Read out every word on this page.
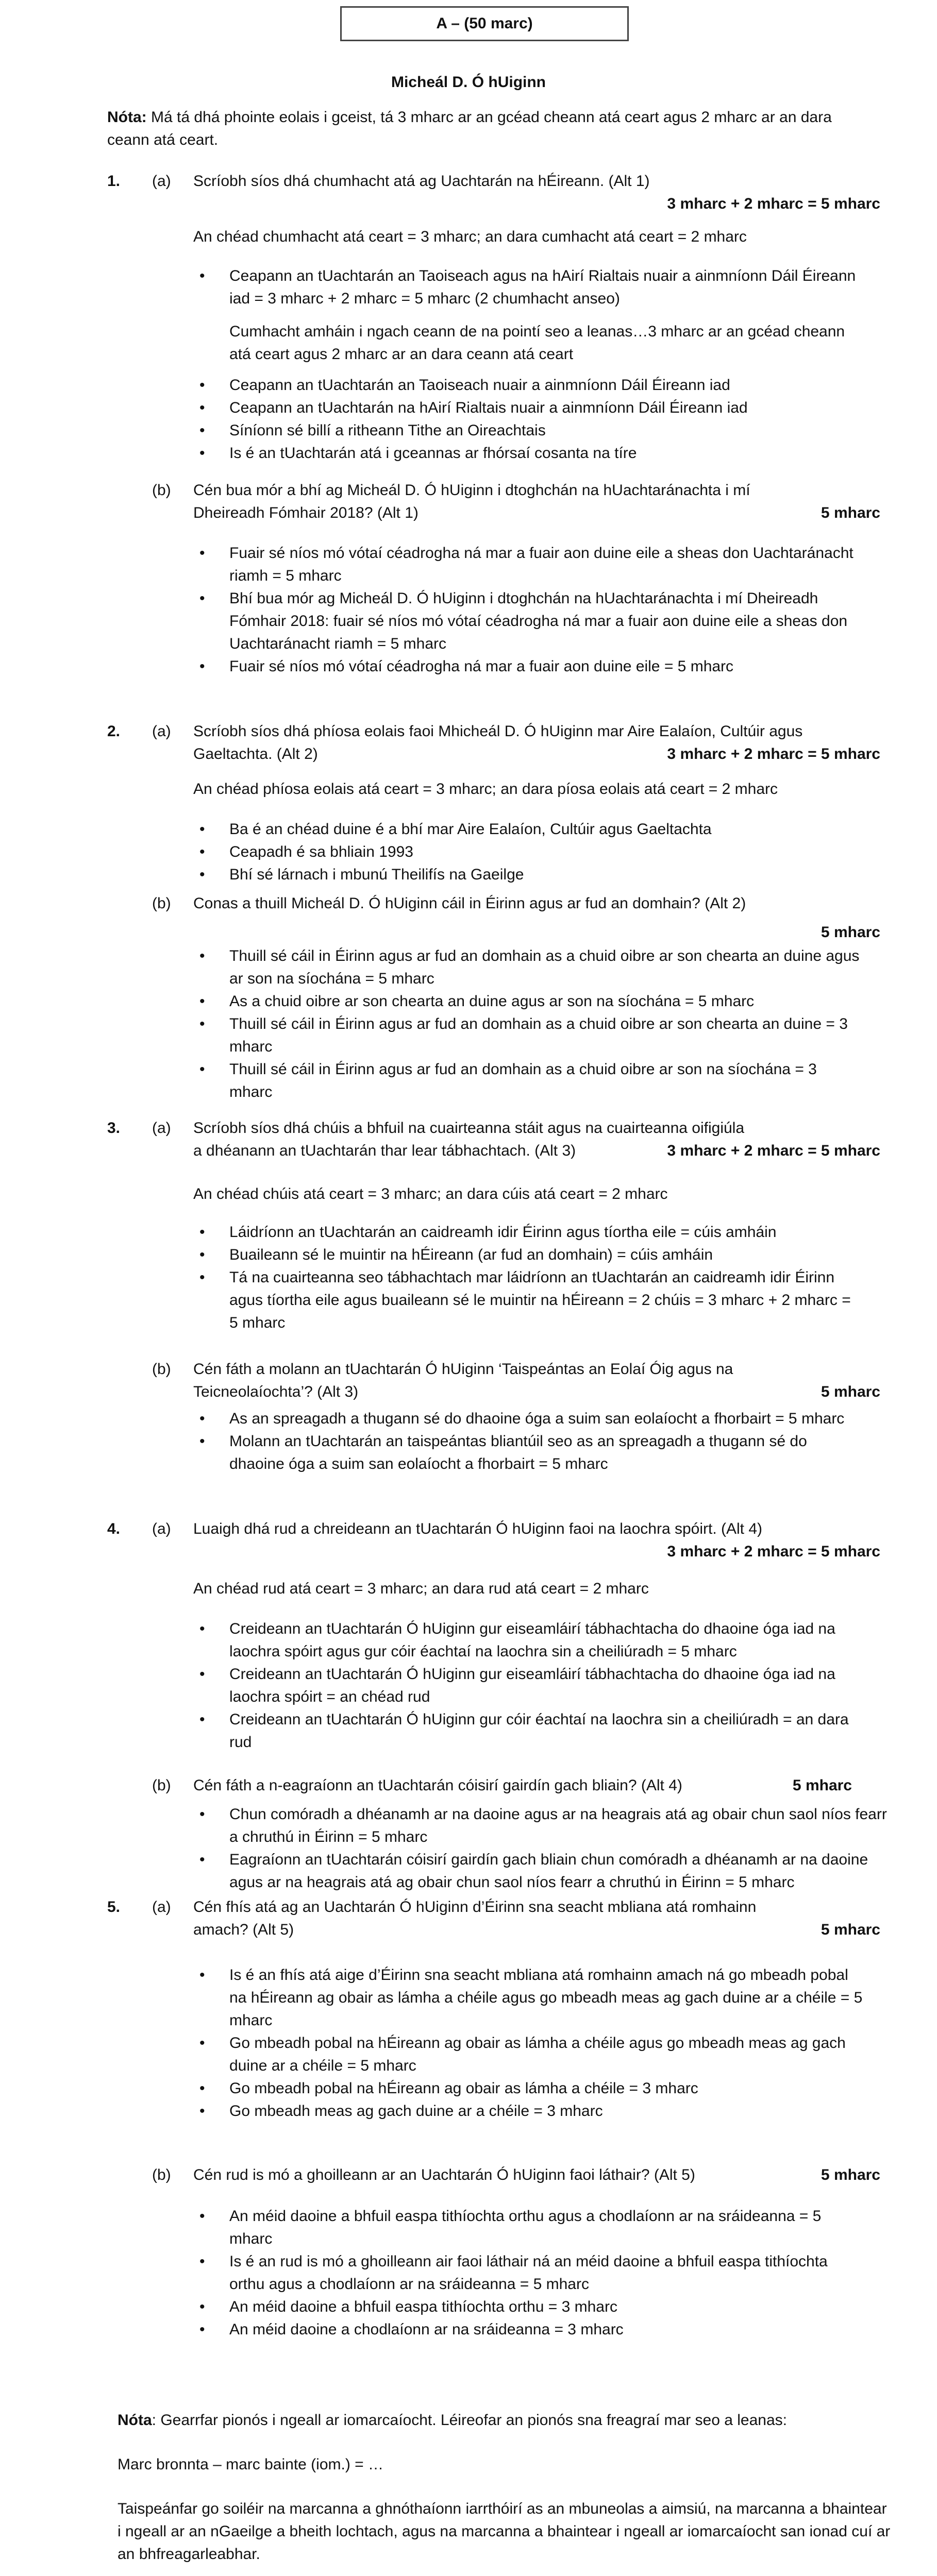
A – (50 marc)
Micheál D. Ó hUiginn
Nóta: Má tá dhá phointe eolais i gceist, tá 3 mharc ar an gcéad cheann atá ceart agus 2 mharc ar an dara ceann atá ceart.
1. (a) Scríobh síos dhá chumhacht atá ag Uachtarán na hÉireann. (Alt 1)
3 mharc + 2 mharc = 5 mharc
An chéad chumhacht atá ceart = 3 mharc; an dara cumhacht atá ceart = 2 mharc
• Ceapann an tUachtarán an Taoiseach agus na hAirí Rialtais nuair a ainmníonn Dáil Éireann iad = 3 mharc + 2 mharc = 5 mharc (2 chumhacht anseo)
Cumhacht amháin i ngach ceann de na pointí seo a leanas…3 mharc ar an gcéad cheann atá ceart agus 2 mharc ar an dara ceann atá ceart
• Ceapann an tUachtarán an Taoiseach nuair a ainmníonn Dáil Éireann iad
• Ceapann an tUachtarán na hAirí Rialtais nuair a ainmníonn Dáil Éireann iad
• Síníonn sé billí a ritheann Tithe an Oireachtais
• Is é an tUachtarán atá i gceannas ar fhórsaí cosanta na tíre
(b) Cén bua mór a bhí ag Micheál D. Ó hUiginn i dtoghchán na hUachtaránachta i mí Dheireadh Fómhair 2018? (Alt 1)	5 mharc
• Fuair sé níos mó vótaí céadrogha ná mar a fuair aon duine eile a sheas don Uachtaránacht riamh = 5 mharc
• Bhí bua mór ag Micheál D. Ó hUiginn i dtoghchán na hUachtaránachta i mí Dheireadh Fómhair 2018: fuair sé níos mó vótaí céadrogha ná mar a fuair aon duine eile a sheas don Uachtaránacht riamh = 5 mharc
• Fuair sé níos mó vótaí céadrogha ná mar a fuair aon duine eile = 5 mharc
2. (a) Scríobh síos dhá phíosa eolais faoi Mhicheál D. Ó hUiginn mar Aire Ealaíon, Cultúir agus
Gaeltachta. (Alt 2)	3 mharc + 2 mharc = 5 mharc
An chéad phíosa eolais atá ceart = 3 mharc; an dara píosa eolais atá ceart = 2 mharc
• Ba é an chéad duine é a bhí mar Aire Ealaíon, Cultúir agus Gaeltachta
• Ceapadh é sa bhliain 1993
• Bhí sé lárnach i mbunú Theilifís na Gaeilge
(b) Conas a thuill Micheál D. Ó hUiginn cáil in Éirinn agus ar fud an domhain? (Alt 2)
5 mharc
• Thuill sé cáil in Éirinn agus ar fud an domhain as a chuid oibre ar son chearta an duine agus ar son na síochána = 5 mharc
• As a chuid oibre ar son chearta an duine agus ar son na síochána = 5 mharc
• Thuill sé cáil in Éirinn agus ar fud an domhain as a chuid oibre ar son chearta an duine = 3 mharc
• Thuill sé cáil in Éirinn agus ar fud an domhain as a chuid oibre ar son na síochána = 3 mharc
3. (a) Scríobh síos dhá chúis a bhfuil na cuairteanna stáit agus na cuairteanna oifigiúla
a dhéanann an tUachtarán thar lear tábhachtach. (Alt 3)	3 mharc + 2 mharc = 5 mharc
An chéad chúis atá ceart = 3 mharc; an dara cúis atá ceart = 2 mharc
• Láidríonn an tUachtarán an caidreamh idir Éirinn agus tíortha eile = cúis amháin
• Buaileann sé le muintir na hÉireann (ar fud an domhain) = cúis amháin
• Tá na cuairteanna seo tábhachtach mar láidríonn an tUachtarán an caidreamh idir Éirinn agus tíortha eile agus buaileann sé le muintir na hÉireann = 2 chúis = 3 mharc + 2 mharc = 5 mharc
(b) Cén fáth a molann an tUachtarán Ó hUiginn ‘Taispeántas an Eolaí Óig agus na
Teicneolaíochta’? (Alt 3)	5 mharc
• As an spreagadh a thugann sé do dhaoine óga a suim san eolaíocht a fhorbairt = 5 mharc
• Molann an tUachtarán an taispeántas bliantúil seo as an spreagadh a thugann sé do dhaoine óga a suim san eolaíocht a fhorbairt = 5 mharc
4. (a) Luaigh dhá rud a chreideann an tUachtarán Ó hUiginn faoi na laochra spóirt. (Alt 4)
3 mharc + 2 mharc = 5 mharc
An chéad rud atá ceart = 3 mharc; an dara rud atá ceart = 2 mharc
• Creideann an tUachtarán Ó hUiginn gur eiseamláirí tábhachtacha do dhaoine óga iad na laochra spóirt agus gur cóir éachtaí na laochra sin a cheiliúradh = 5 mharc
• Creideann an tUachtarán Ó hUiginn gur eiseamláirí tábhachtacha do dhaoine óga iad na laochra spóirt = an chéad rud
• Creideann an tUachtarán Ó hUiginn gur cóir éachtaí na laochra sin a cheiliúradh = an dara rud
(b) Cén fáth a n-eagraíonn an tUachtarán cóisirí gairdín gach bliain? (Alt 4)	5 mharc
• Chun comóradh a dhéanamh ar na daoine agus ar na heagrais atá ag obair chun saol níos fearr a chruthú in Éirinn = 5 mharc
• Eagraíonn an tUachtarán cóisirí gairdín gach bliain chun comóradh a dhéanamh ar na daoine agus ar na heagrais atá ag obair chun saol níos fearr a chruthú in Éirinn = 5 mharc
5. (a) Cén fhís atá ag an Uachtarán Ó hUiginn d’Éirinn sna seacht mbliana atá romhainn
amach? (Alt 5)	5 mharc
• Is é an fhís atá aige d’Éirinn sna seacht mbliana atá romhainn amach ná go mbeadh pobal na hÉireann ag obair as lámha a chéile agus go mbeadh meas ag gach duine ar a chéile = 5 mharc
• Go mbeadh pobal na hÉireann ag obair as lámha a chéile agus go mbeadh meas ag gach duine ar a chéile = 5 mharc
• Go mbeadh pobal na hÉireann ag obair as lámha a chéile = 3 mharc
• Go mbeadh meas ag gach duine ar a chéile = 3 mharc
(b) Cén rud is mó a ghoilleann ar an Uachtarán Ó hUiginn faoi láthair? (Alt 5)	5 mharc
• An méid daoine a bhfuil easpa tithíochta orthu agus a chodlaíonn ar na sráideanna = 5 mharc
• Is é an rud is mó a ghoilleann air faoi láthair ná an méid daoine a bhfuil easpa tithíochta orthu agus a chodlaíonn ar na sráideanna = 5 mharc
• An méid daoine a bhfuil easpa tithíochta orthu = 3 mharc
• An méid daoine a chodlaíonn ar na sráideanna = 3 mharc
Nóta: Gearrfar pionós i ngeall ar iomarcaíocht. Léireofar an pionós sna freagraí mar seo a leanas:
Marc bronnta – marc bainte (iom.) = …
Taispeánfar go soiléir na marcanna a ghnóthaíonn iarrthóirí as an mbuneolas a aimsiú, na marcanna a bhaintear i ngeall ar an nGaeilge a bheith lochtach, agus na marcanna a bhaintear i ngeall ar iomarcaíocht san ionad cuí ar an bhfreagarleabhar.
